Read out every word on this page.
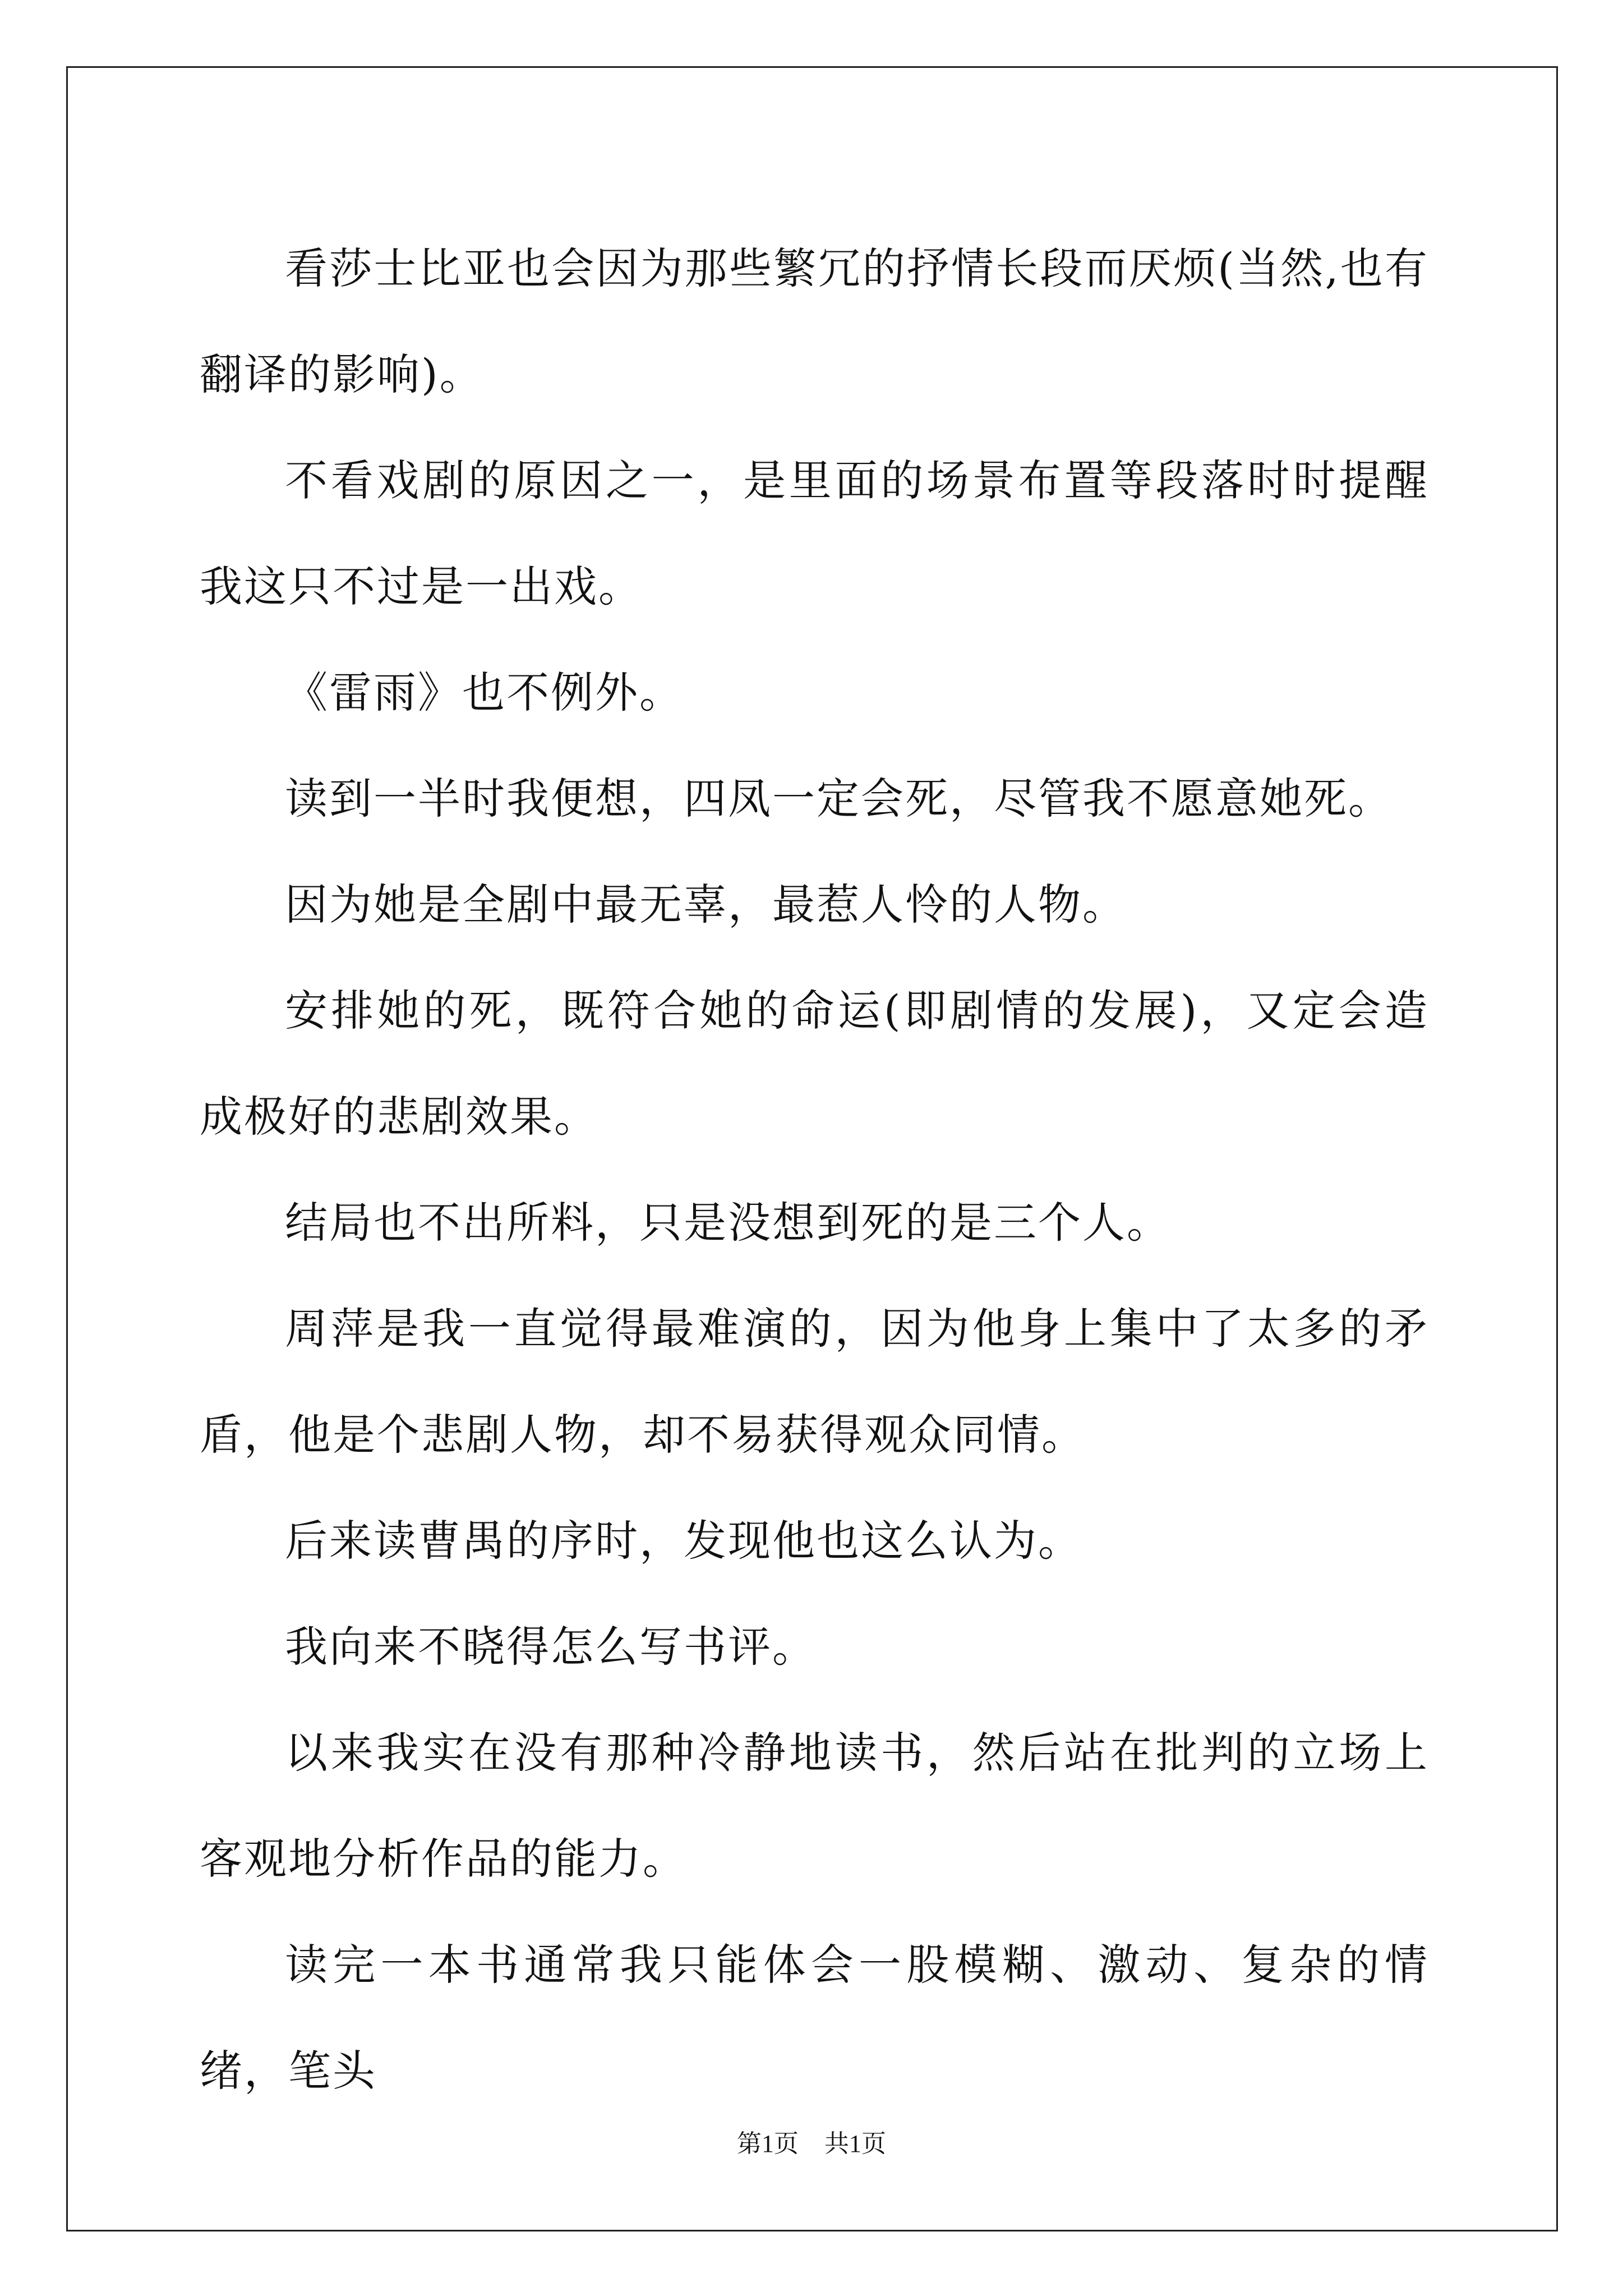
看莎士比亚也会因为那些繁冗的抒情长段而厌烦(当然,也有翻译的影响)。

不看戏剧的原因之一，是里面的场景布置等段落时时提醒我这只不过是一出戏。

《雷雨》也不例外。

读到一半时我便想，四凤一定会死，尽管我不愿意她死。

因为她是全剧中最无辜，最惹人怜的人物。

安排她的死，既符合她的命运(即剧情的发展)，又定会造成极好的悲剧效果。

结局也不出所料，只是没想到死的是三个人。

周萍是我一直觉得最难演的，因为他身上集中了太多的矛盾，他是个悲剧人物，却不易获得观众同情。

后来读曹禺的序时，发现他也这么认为。

我向来不晓得怎么写书评。

以来我实在没有那种冷静地读书，然后站在批判的立场上客观地分析作品的能力。

读完一本书通常我只能体会一股模糊、激动、复杂的情绪，笔头

第1页 共1页
